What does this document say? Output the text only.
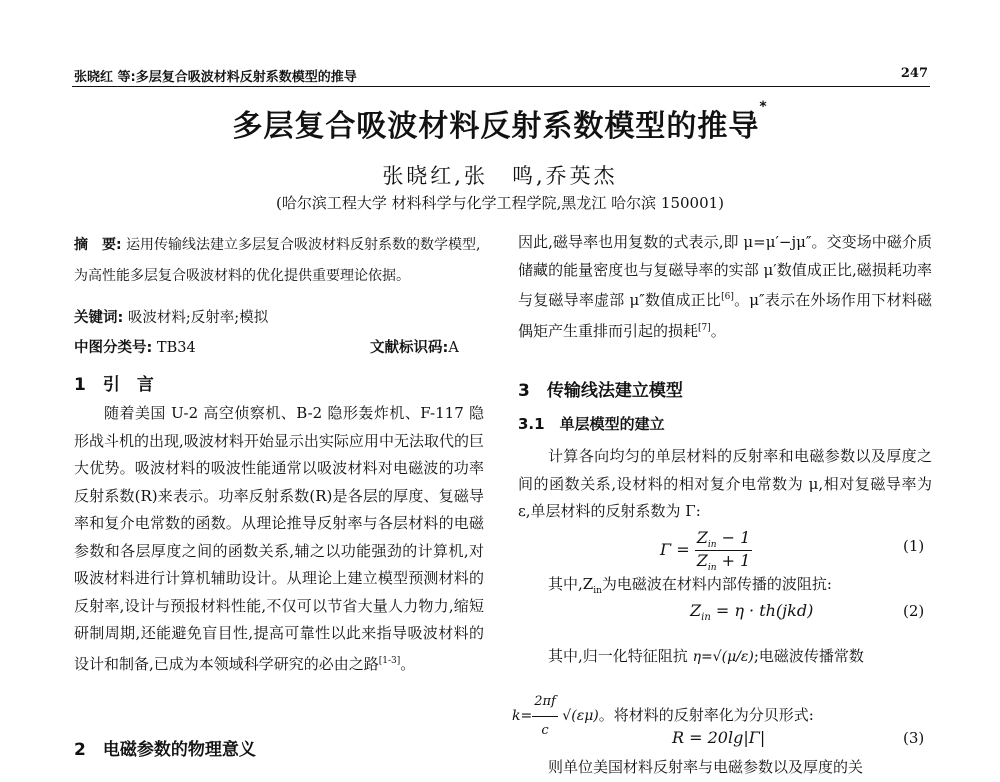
张晓红 等:多层复合吸波材料反射系数模型的推导	247
多层复合吸波材料反射系数模型的推导*
张晓红,张　鸣,乔英杰
(哈尔滨工程大学 材料科学与化学工程学院,黑龙江 哈尔滨 150001)
摘　要: 运用传输线法建立多层复合吸波材料反射系数的数学模型,为高性能多层复合吸波材料的优化提供重要理论依据。
关键词: 吸波材料;反射率;模拟
中图分类号: TB34	文献标识码:A
1　引　言
随着美国 U-2 高空侦察机、B-2 隐形轰炸机、F-117 隐形战斗机的出现,吸波材料开始显示出实际应用中无法取代的巨大优势。吸波材料的吸波性能通常以吸波材料对电磁波的功率反射系数(R)来表示。功率反射系数(R)是各层的厚度、复磁导率和复介电常数的函数。从理论推导反射率与各层材料的电磁参数和各层厚度之间的函数关系,辅之以功能强劲的计算机,对吸波材料进行计算机辅助设计。从理论上建立模型预测材料的反射率,设计与预报材料性能,不仅可以节省大量人力物力,缩短研制周期,还能避免盲目性,提高可靠性以此来指导吸波材料的设计和制备,已成为本领域科学研究的必由之路[1-3]。
2　电磁参数的物理意义
因此,磁导率也用复数的式表示,即 μ=μ′−jμ″。交变场中磁介质储藏的能量密度也与复磁导率的实部 μ′数值成正比,磁损耗功率与复磁导率虚部 μ″数值成正比[6]。μ″表示在外场作用下材料磁偶矩产生重排而引起的损耗[7]。
3　传输线法建立模型
3.1　单层模型的建立
计算各向均匀的单层材料的反射率和电磁参数以及厚度之间的函数关系,设材料的相对复介电常数为 μ,相对复磁导率为 ε,单层材料的反射系数为 Γ:
$\Gamma = \frac{Z_{in} - 1}{Z_{in} + 1}$	(1)
其中$,Z_{in}$为电磁波在材料内部传播的波阻抗:
$Z_{in} = \eta \cdot th(jkd)$	(2)
其中,归一化特征阻抗 η=√(μ/ε);电磁波传播常数
$k= \frac{2\pi f}{c} √(\varepsilon\mu)$。将材料的反射率化为分贝形式:
R = 20lg|Γ|	(3)
则单位美国材料反射率与电磁参数以及厚度的关
